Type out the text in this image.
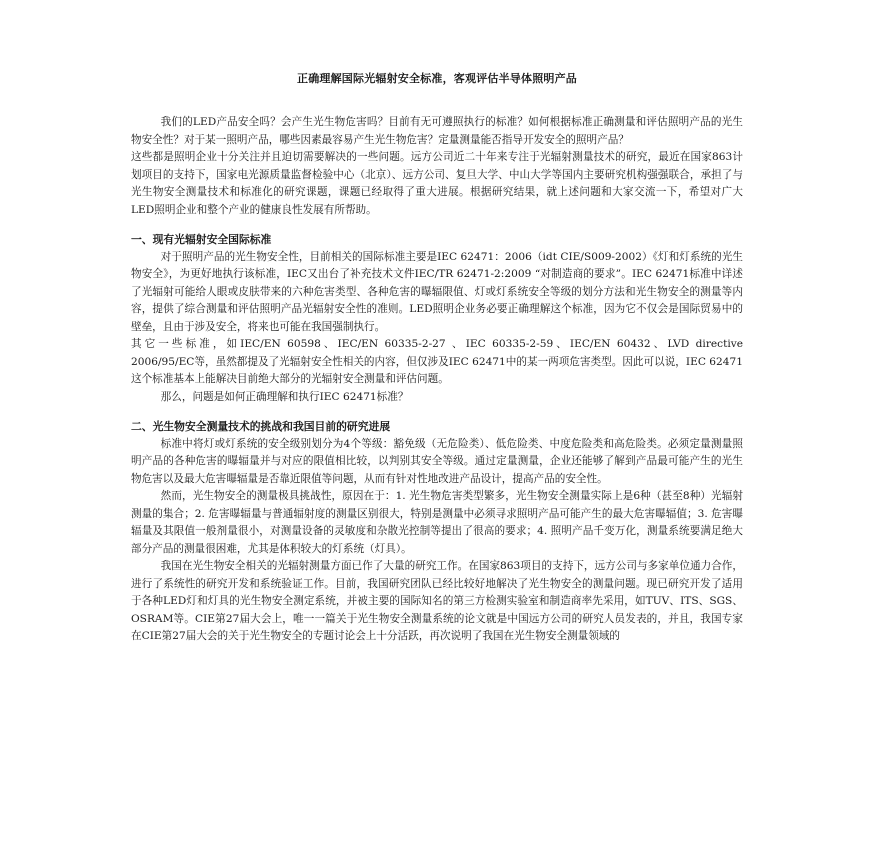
正确理解国际光辐射安全标准，客观评估半导体照明产品

我们的LED产品安全吗？会产生光生物危害吗？目前有无可遵照执行的标准？如何根据标准正确测量和评估照明产品的光生物安全性？对于某一照明产品，哪些因素最容易产生光生物危害？定量测量能否指导开发安全的照明产品？

这些都是照明企业十分关注并且迫切需要解决的一些问题。远方公司近二十年来专注于光辐射测量技术的研究，最近在国家863计划项目的支持下，国家电光源质量监督检验中心（北京）、远方公司、复旦大学、中山大学等国内主要研究机构强强联合，承担了与光生物安全测量技术和标准化的研究课题，课题已经取得了重大进展。根据研究结果，就上述问题和大家交流一下，希望对广大LED照明企业和整个产业的健康良性发展有所帮助。

一、现有光辐射安全国际标准

对于照明产品的光生物安全性，目前相关的国际标准主要是IEC 62471：2006（idt CIE/S009-2002）《灯和灯系统的光生物安全》，为更好地执行该标准，IEC又出台了补充技术文件IEC/TR 62471-2:2009 “对制造商的要求”。IEC 62471标准中详述了光辐射可能给人眼或皮肤带来的六种危害类型、各种危害的曝辐限值、灯或灯系统安全等级的划分方法和光生物安全的测量等内容，提供了综合测量和评估照明产品光辐射安全性的准则。LED照明企业务必要正确理解这个标准，因为它不仅会是国际贸易中的壁垒，且由于涉及安全，将来也可能在我国强制执行。

其它一些标准，如IEC/EN 60598、IEC/EN 60335-2-27 、IEC 60335-2-59、IEC/EN 60432、LVD directive 2006/95/EC等，虽然都提及了光辐射安全性相关的内容，但仅涉及IEC 62471中的某一两项危害类型。因此可以说，IEC 62471这个标准基本上能解决目前绝大部分的光辐射安全测量和评估问题。

那么，问题是如何正确理解和执行IEC 62471标准？

二、光生物安全测量技术的挑战和我国目前的研究进展

标准中将灯或灯系统的安全级别划分为4个等级：豁免级（无危险类）、低危险类、中度危险类和高危险类。必须定量测量照明产品的各种危害的曝辐量并与对应的限值相比较，以判别其安全等级。通过定量测量，企业还能够了解到产品最可能产生的光生物危害以及最大危害曝辐量是否靠近限值等问题，从而有针对性地改进产品设计，提高产品的安全性。

然而，光生物安全的测量极具挑战性，原因在于：1. 光生物危害类型繁多，光生物安全测量实际上是6种（甚至8种）光辐射测量的集合；2. 危害曝辐量与普通辐射度的测量区别很大，特别是测量中必须寻求照明产品可能产生的最大危害曝辐值；3. 危害曝辐量及其限值一般剂量很小，对测量设备的灵敏度和杂散光控制等提出了很高的要求；4. 照明产品千变万化，测量系统要满足绝大部分产品的测量很困难，尤其是体积较大的灯系统（灯具）。

我国在光生物安全相关的光辐射测量方面已作了大量的研究工作。在国家863项目的支持下，远方公司与多家单位通力合作，进行了系统性的研究开发和系统验证工作。目前，我国研究团队已经比较好地解决了光生物安全的测量问题。现已研究开发了适用于各种LED灯和灯具的光生物安全测定系统，并被主要的国际知名的第三方检测实验室和制造商率先采用，如TUV、ITS、SGS、OSRAM等。CIE第27届大会上，唯一一篇关于光生物安全测量系统的论文就是中国远方公司的研究人员发表的，并且，我国专家在CIE第27届大会的关于光生物安全的专题讨论会上十分活跃，再次说明了我国在光生物安全测量领域的
